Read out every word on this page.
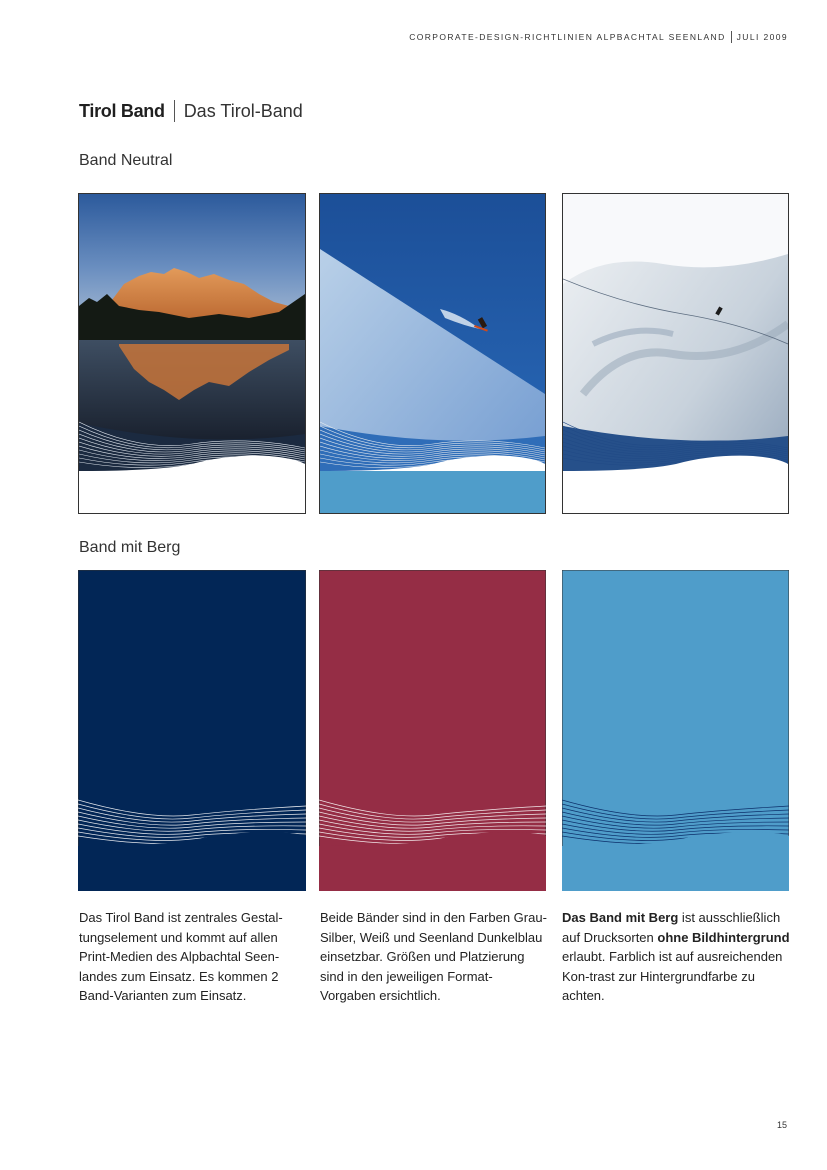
CORPORATE-DESIGN-RICHTLINIEN ALPBACHTAL SEENLAND JULI 2009
Tirol Band Das Tirol-Band
Band Neutral
Band mit Berg
Das Tirol Band ist zentrales Gestal-tungselement und kommt auf allen Print-Medien des Alpbachtal Seen-landes zum Einsatz. Es kommen 2 Band-Varianten zum Einsatz.
Beide Bänder sind in den Farben Grau-Silber, Weiß und Seenland Dunkelblau einsetzbar. Größen und Platzierung sind in den jeweiligen Format-Vorgaben ersichtlich.
Das Band mit Berg ist ausschließlich auf Drucksorten ohne Bildhintergrund erlaubt. Farblich ist auf ausreichenden Kon-trast zur Hintergrundfarbe zu achten.
15
